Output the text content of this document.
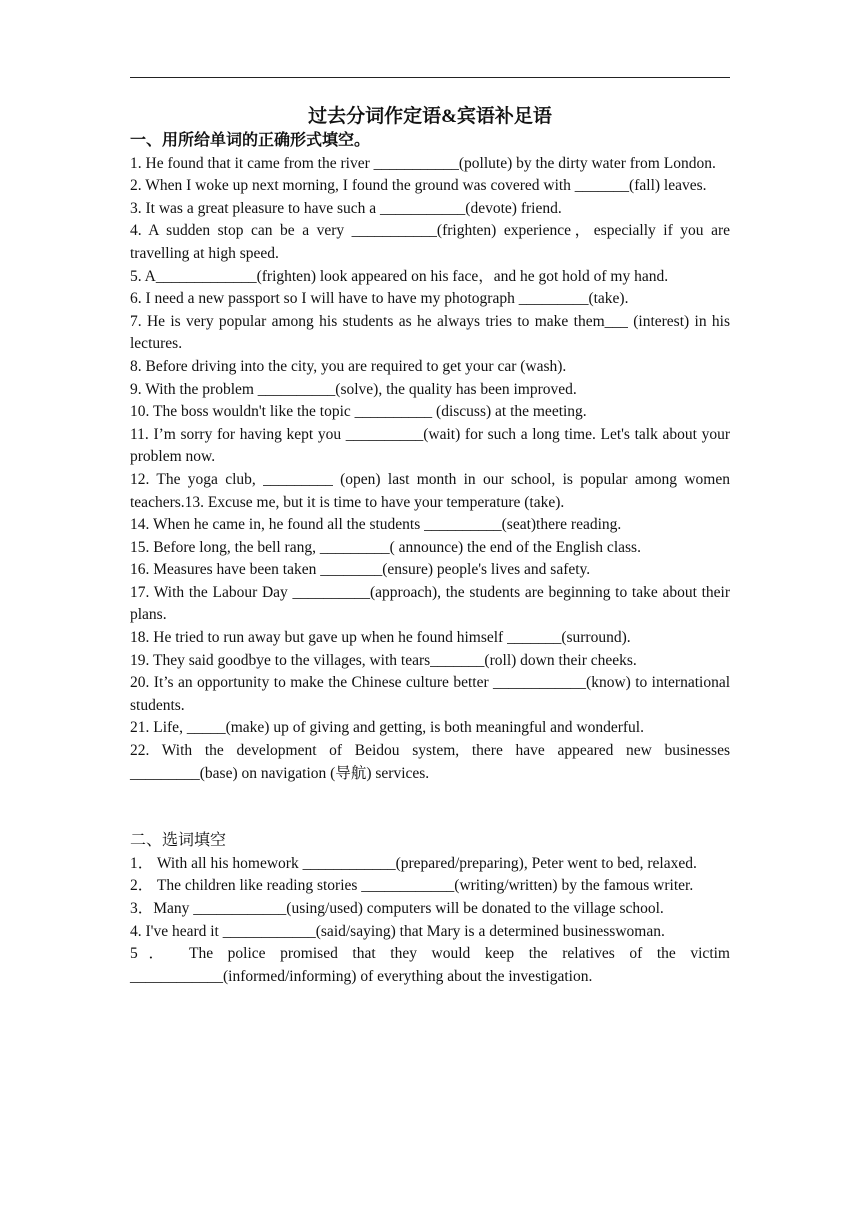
过去分词作定语&宾语补足语
一、用所给单词的正确形式填空。

1. He found that it came from the river ___________(pollute) by the dirty water from London.

2. When I woke up next morning, I found the ground was covered with _______(fall) leaves.

3. It was a great pleasure to have such a ___________(devote) friend.

4. A sudden stop can be a very ___________(frighten) experience，especially if you are travelling at high speed.

5. A_____________(frighten) look appeared on his face，and he got hold of my hand.

6. I need a new passport so I will have to have my photograph _________(take).

7. He is very popular among his students as he always tries to make them___ (interest) in his lectures.

8. Before driving into the city, you are required to get your car (wash).

9. With the problem __________(solve), the quality has been improved.

10. The boss wouldn't like the topic __________ (discuss) at the meeting.

11. I’m sorry for having kept you __________(wait) for such a long time. Let's talk about your problem now.

12. The yoga club, _________ (open) last month in our school, is popular among women teachers.13. Excuse me, but it is time to have your temperature (take).

14. When he came in, he found all the students __________(seat)there reading.

15. Before long, the bell rang, _________( announce) the end of the English class.

16. Measures have been taken ________(ensure) people's lives and safety.

17. With the Labour Day __________(approach), the students are beginning to take about their plans.

18. He tried to run away but gave up when he found himself _______(surround).

19. They said goodbye to the villages, with tears_______(roll) down their cheeks.

20. It’s an opportunity to make the Chinese culture better ____________(know) to international students.

21. Life, _____(make) up of giving and getting, is both meaningful and wonderful.

22. With the development of Beidou system, there have appeared new businesses _________(base) on navigation (导航) services.

二、选词填空

1． With all his homework ____________(prepared/preparing), Peter went to bed, relaxed.

2． The children like reading stories ____________(writing/written) by the famous writer.

3．Many ____________(using/used) computers will be donated to the village school.

4. I've heard it ____________(said/saying) that Mary is a determined businesswoman.

5． The police promised that they would keep the relatives of the victim ____________(informed/informing) of everything about the investigation.
